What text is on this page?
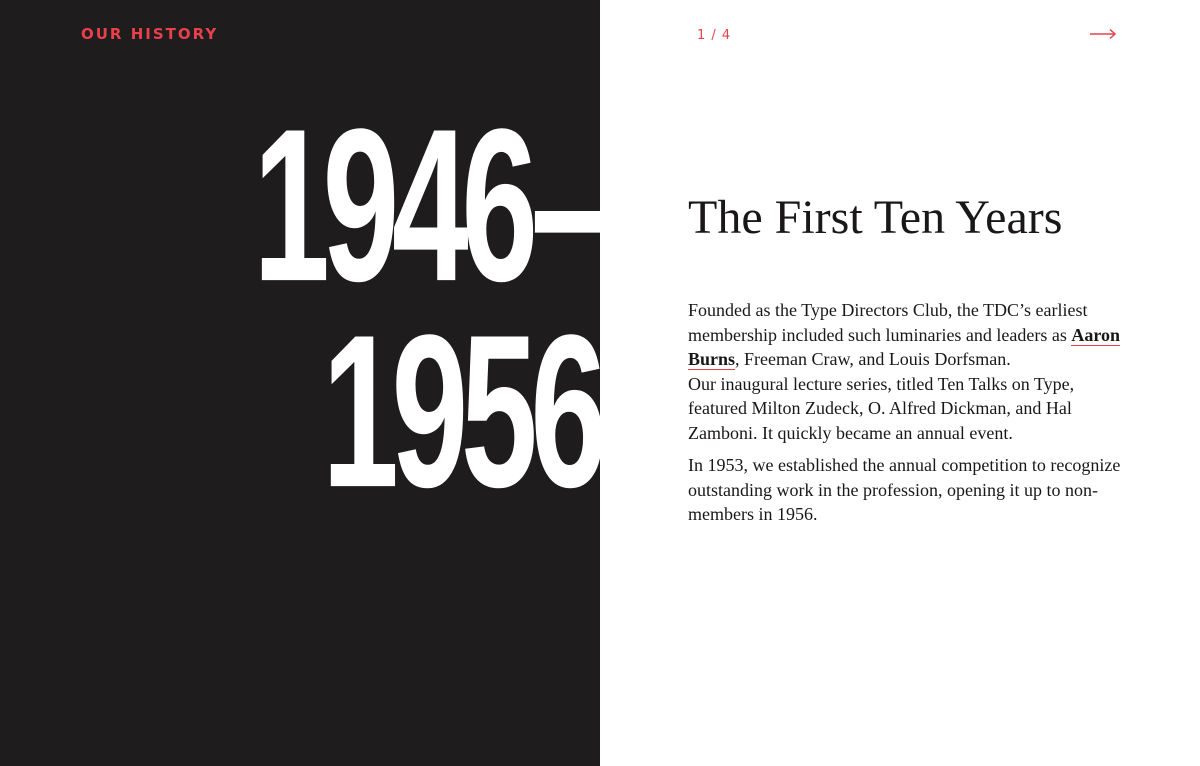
OUR HISTORY
1946–
1956
1 / 4
The First Ten Years

Founded as the Type Directors Club, the TDC’s earliest membership included such luminaries and leaders as Aaron Burns, Freeman Craw, and Louis Dorfsman.
Our inaugural lecture series, titled Ten Talks on Type, featured Milton Zudeck, O. Alfred Dickman, and Hal Zamboni. It quickly became an annual event.

In 1953, we established the annual competition to recognize outstanding work in the profession, opening it up to non-members in 1956.
